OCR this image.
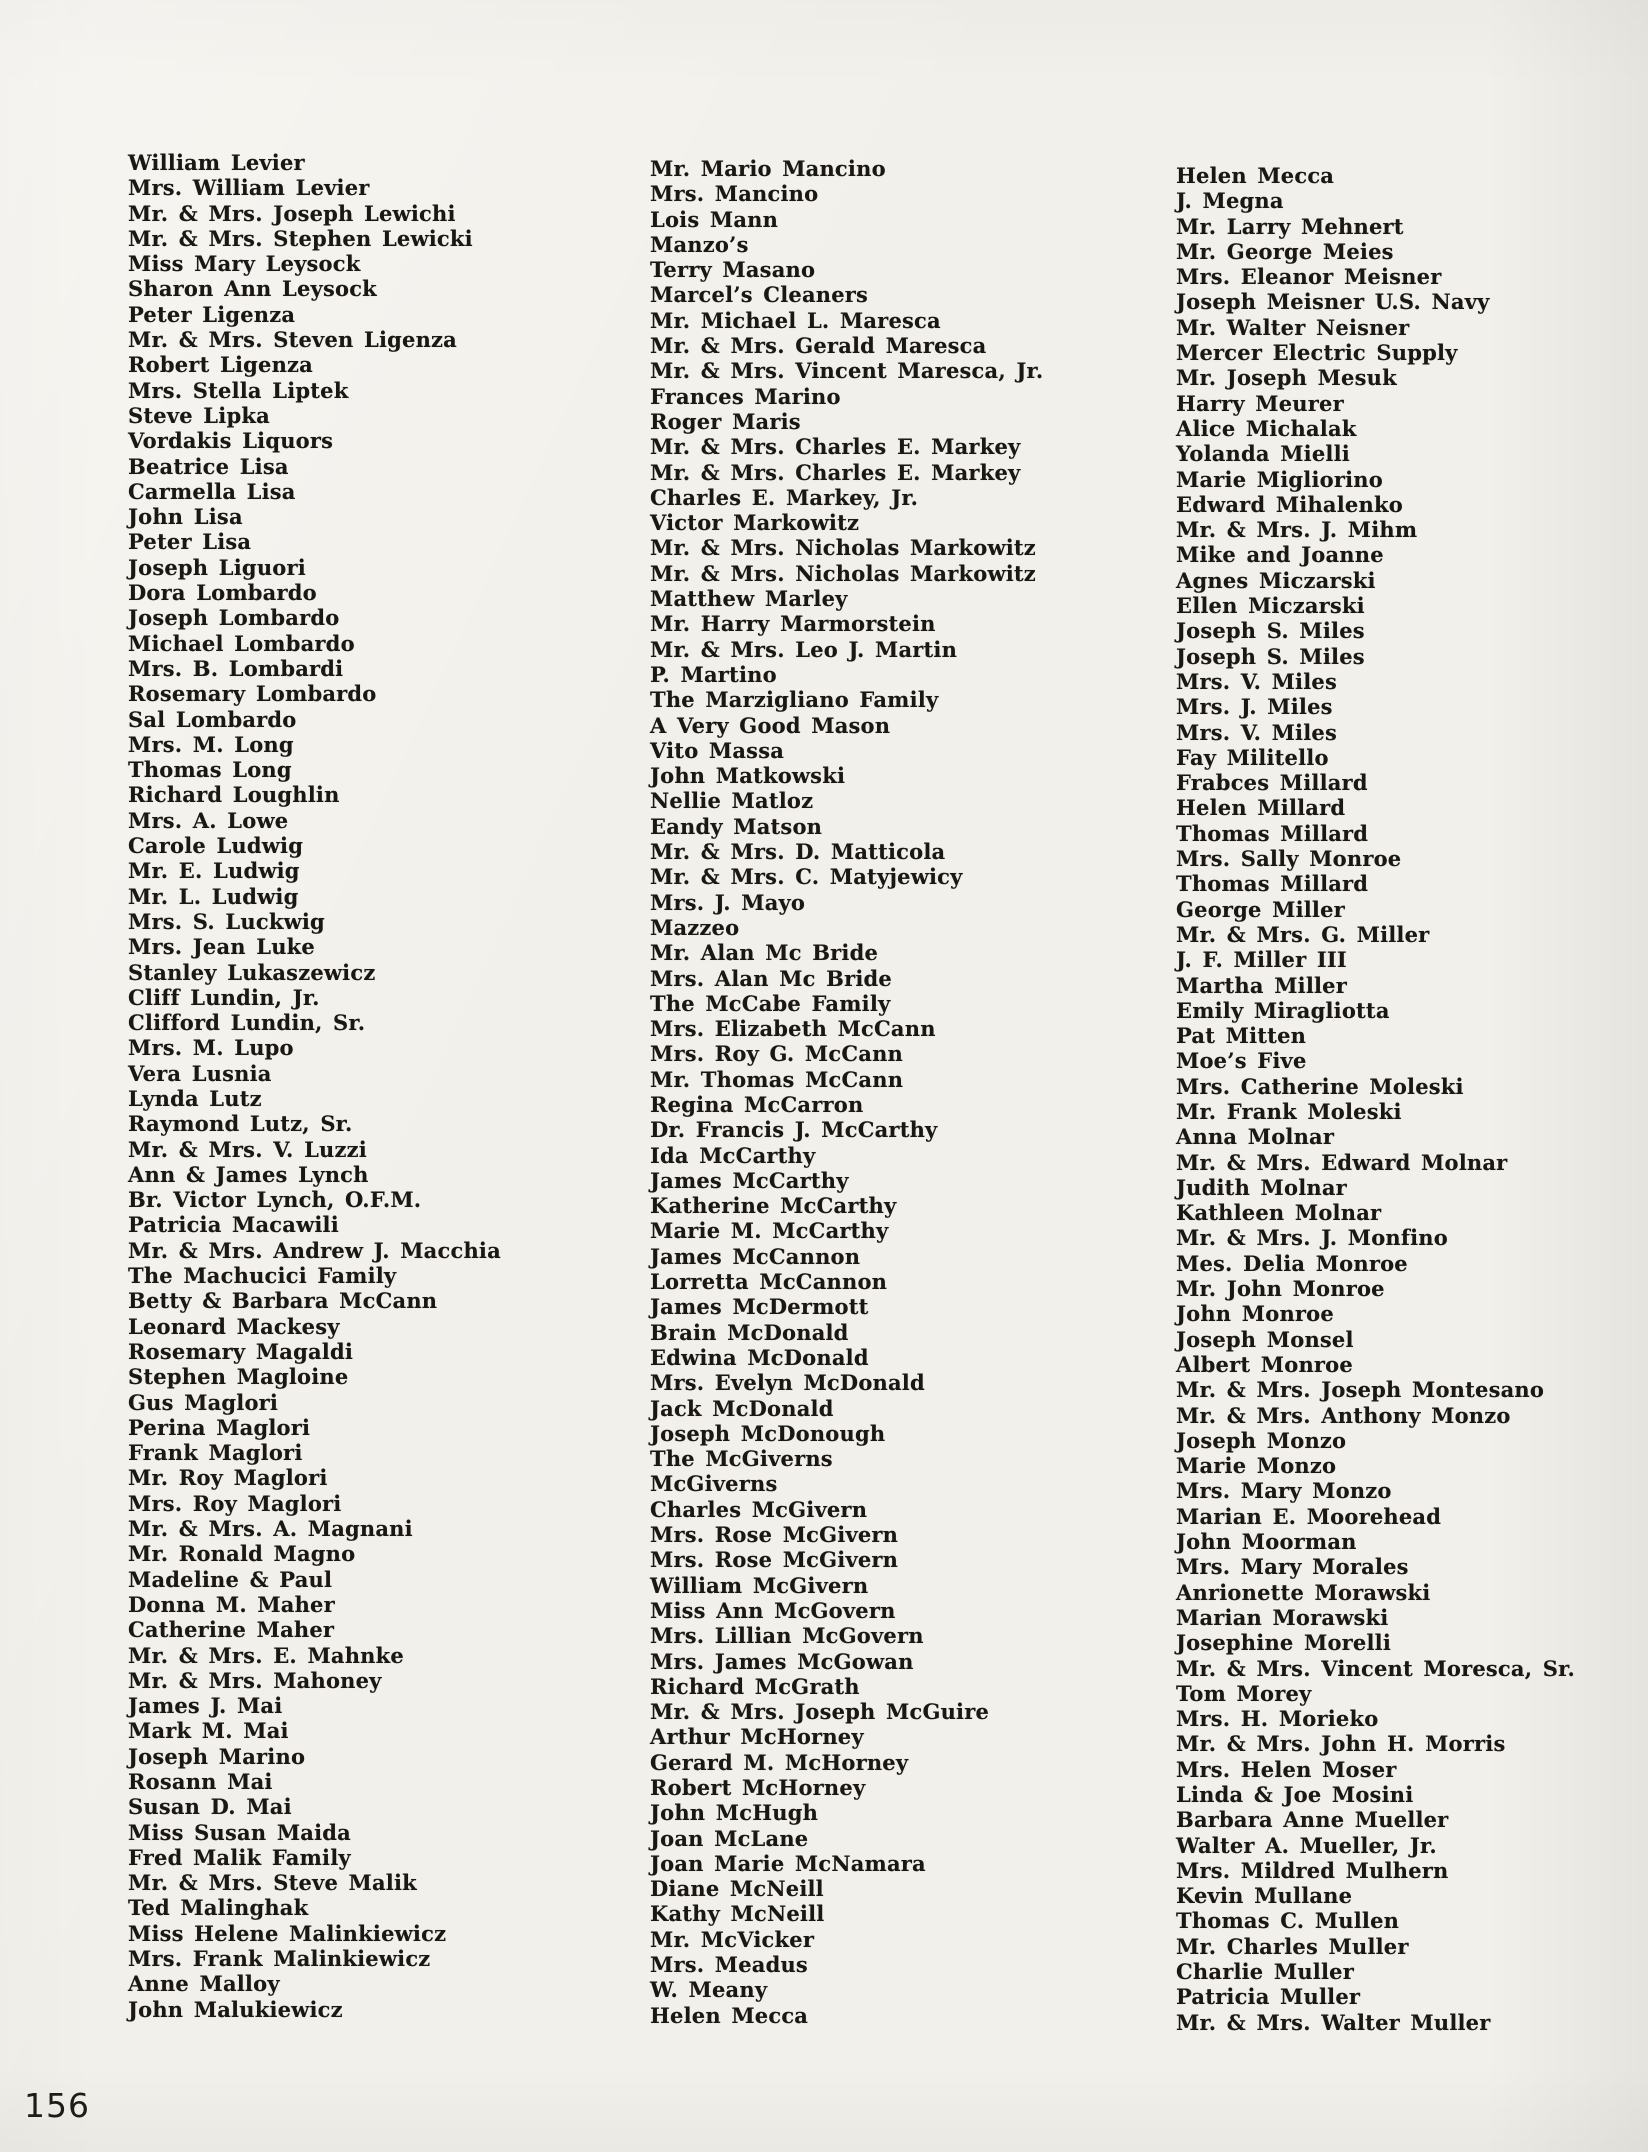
William Levier
Mrs. William Levier
Mr. & Mrs. Joseph Lewichi
Mr. & Mrs. Stephen Lewicki
Miss Mary Leysock
Sharon Ann Leysock
Peter Ligenza
Mr. & Mrs. Steven Ligenza
Robert Ligenza
Mrs. Stella Liptek
Steve Lipka
Vordakis Liquors
Beatrice Lisa
Carmella Lisa
John Lisa
Peter Lisa
Joseph Liguori
Dora Lombardo
Joseph Lombardo
Michael Lombardo
Mrs. B. Lombardi
Rosemary Lombardo
Sal Lombardo
Mrs. M. Long
Thomas Long
Richard Loughlin
Mrs. A. Lowe
Carole Ludwig
Mr. E. Ludwig
Mr. L. Ludwig
Mrs. S. Luckwig
Mrs. Jean Luke
Stanley Lukaszewicz
Cliff Lundin, Jr.
Clifford Lundin, Sr.
Mrs. M. Lupo
Vera Lusnia
Lynda Lutz
Raymond Lutz, Sr.
Mr. & Mrs. V. Luzzi
Ann & James Lynch
Br. Victor Lynch, O.F.M.
Patricia Macawili
Mr. & Mrs. Andrew J. Macchia
The Machucici Family
Betty & Barbara McCann
Leonard Mackesy
Rosemary Magaldi
Stephen Magloine
Gus Maglori
Perina Maglori
Frank Maglori
Mr. Roy Maglori
Mrs. Roy Maglori
Mr. & Mrs. A. Magnani
Mr. Ronald Magno
Madeline & Paul
Donna M. Maher
Catherine Maher
Mr. & Mrs. E. Mahnke
Mr. & Mrs. Mahoney
James J. Mai
Mark M. Mai
Joseph Marino
Rosann Mai
Susan D. Mai
Miss Susan Maida
Fred Malik Family
Mr. & Mrs. Steve Malik
Ted Malinghak
Miss Helene Malinkiewicz
Mrs. Frank Malinkiewicz
Anne Malloy
John Malukiewicz
Mr. Mario Mancino
Mrs. Mancino
Lois Mann
Manzo’s
Terry Masano
Marcel’s Cleaners
Mr. Michael L. Maresca
Mr. & Mrs. Gerald Maresca
Mr. & Mrs. Vincent Maresca, Jr.
Frances Marino
Roger Maris
Mr. & Mrs. Charles E. Markey
Mr. & Mrs. Charles E. Markey
Charles E. Markey, Jr.
Victor Markowitz
Mr. & Mrs. Nicholas Markowitz
Mr. & Mrs. Nicholas Markowitz
Matthew Marley
Mr. Harry Marmorstein
Mr. & Mrs. Leo J. Martin
P. Martino
The Marzigliano Family
A Very Good Mason
Vito Massa
John Matkowski
Nellie Matloz
Eandy Matson
Mr. & Mrs. D. Matticola
Mr. & Mrs. C. Matyjewicy
Mrs. J. Mayo
Mazzeo
Mr. Alan Mc Bride
Mrs. Alan Mc Bride
The McCabe Family
Mrs. Elizabeth McCann
Mrs. Roy G. McCann
Mr. Thomas McCann
Regina McCarron
Dr. Francis J. McCarthy
Ida McCarthy
James McCarthy
Katherine McCarthy
Marie M. McCarthy
James McCannon
Lorretta McCannon
James McDermott
Brain McDonald
Edwina McDonald
Mrs. Evelyn McDonald
Jack McDonald
Joseph McDonough
The McGiverns
McGiverns
Charles McGivern
Mrs. Rose McGivern
Mrs. Rose McGivern
William McGivern
Miss Ann McGovern
Mrs. Lillian McGovern
Mrs. James McGowan
Richard McGrath
Mr. & Mrs. Joseph McGuire
Arthur McHorney
Gerard M. McHorney
Robert McHorney
John McHugh
Joan McLane
Joan Marie McNamara
Diane McNeill
Kathy McNeill
Mr. McVicker
Mrs. Meadus
W. Meany
Helen Mecca
Helen Mecca
J. Megna
Mr. Larry Mehnert
Mr. George Meies
Mrs. Eleanor Meisner
Joseph Meisner U.S. Navy
Mr. Walter Neisner
Mercer Electric Supply
Mr. Joseph Mesuk
Harry Meurer
Alice Michalak
Yolanda Mielli
Marie Migliorino
Edward Mihalenko
Mr. & Mrs. J. Mihm
Mike and Joanne
Agnes Miczarski
Ellen Miczarski
Joseph S. Miles
Joseph S. Miles
Mrs. V. Miles
Mrs. J. Miles
Mrs. V. Miles
Fay Militello
Frabces Millard
Helen Millard
Thomas Millard
Mrs. Sally Monroe
Thomas Millard
George Miller
Mr. & Mrs. G. Miller
J. F. Miller III
Martha Miller
Emily Miragliotta
Pat Mitten
Moe’s Five
Mrs. Catherine Moleski
Mr. Frank Moleski
Anna Molnar
Mr. & Mrs. Edward Molnar
Judith Molnar
Kathleen Molnar
Mr. & Mrs. J. Monfino
Mes. Delia Monroe
Mr. John Monroe
John Monroe
Joseph Monsel
Albert Monroe
Mr. & Mrs. Joseph Montesano
Mr. & Mrs. Anthony Monzo
Joseph Monzo
Marie Monzo
Mrs. Mary Monzo
Marian E. Moorehead
John Moorman
Mrs. Mary Morales
Anrionette Morawski
Marian Morawski
Josephine Morelli
Mr. & Mrs. Vincent Moresca, Sr.
Tom Morey
Mrs. H. Morieko
Mr. & Mrs. John H. Morris
Mrs. Helen Moser
Linda & Joe Mosini
Barbara Anne Mueller
Walter A. Mueller, Jr.
Mrs. Mildred Mulhern
Kevin Mullane
Thomas C. Mullen
Mr. Charles Muller
Charlie Muller
Patricia Muller
Mr. & Mrs. Walter Muller
156
